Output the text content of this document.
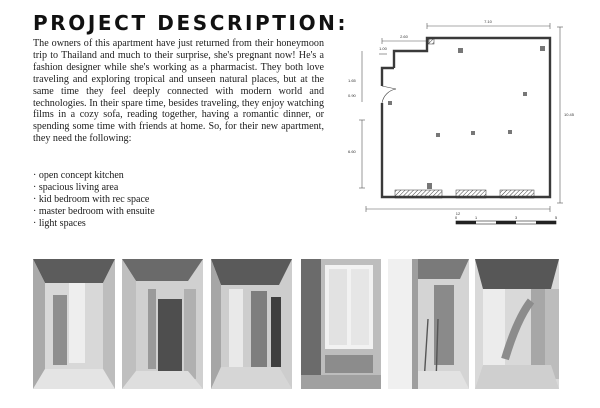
PROJECT DESCRIPTION:

The owners of this apartment have just returned from their honeymoon trip to Thailand and much to their surprise, she's pregnant now! He's a fashion designer while she's working as a pharmacist. They both love traveling and exploring tropical and unseen natural places, but at the same time they feel deeply connected with modern world and technologies. In their spare time, besides traveling, they enjoy watching films in a cozy sofa, reading together, having a romantic dinner, or spending some time with friends at home. So, for their new apartment, they need the following:

· open concept kitchen
· spacious living area
· kid bedroom with rec space
· master bedroom with ensuite
· light spaces
7.10
2.60
1.00
1.65
0.90
6.60
10.45
12
0	1	3	5
